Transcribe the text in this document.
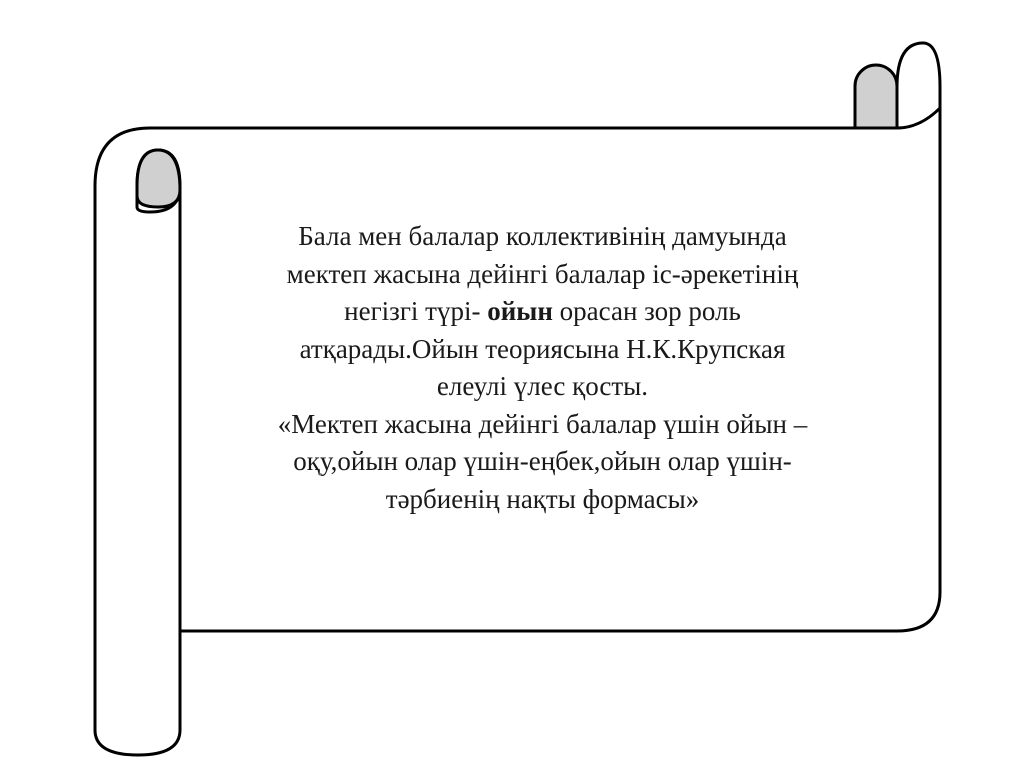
Бала мен балалар коллективінің дамуында
мектеп жасына дейінгі балалар іс-әрекетінің
негізгі түрі- ойын орасан зор роль
атқарады.Ойын теориясына Н.К.Крупская
елеулі үлес қосты.
«Мектеп жасына дейінгі балалар үшін ойын –
оқу,ойын олар үшін-еңбек,ойын олар үшін-
тәрбиенің нақты формасы»
